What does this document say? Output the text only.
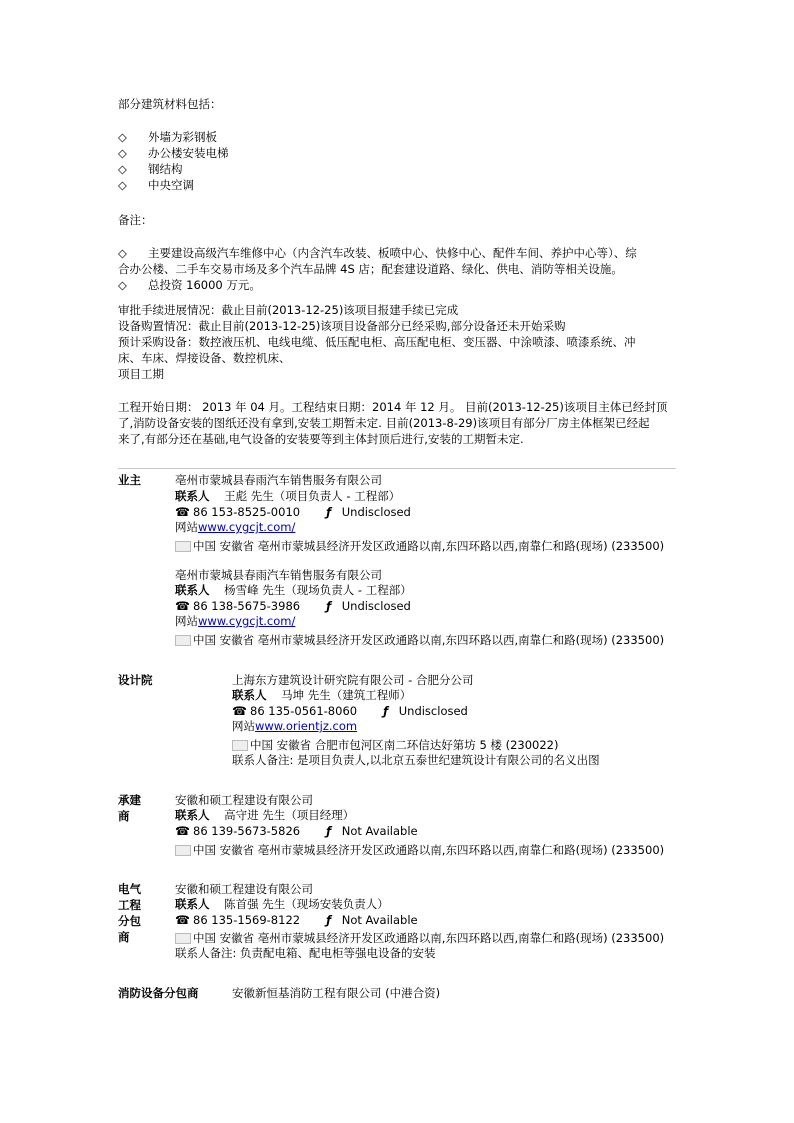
部分建筑材料包括：
◇ 外墙为彩钢板
◇ 办公楼安装电梯
◇ 钢结构
◇ 中央空调
备注：
◇ 主要建设高级汽车维修中心（内含汽车改装、板喷中心、快修中心、配件车间、养护中心等）、综
合办公楼、二手车交易市场及多个汽车品牌 4S 店；配套建设道路、绿化、供电、消防等相关设施。
◇ 总投资 16000 万元。
审批手续进展情况：截止目前(2013-12-25)该项目报建手续已完成
设备购置情况：截止目前(2013-12-25)该项目设备部分已经采购,部分设备还未开始采购
预计采购设备：数控液压机、电线电缆、低压配电柜、高压配电柜、变压器、中涂喷漆、喷漆系统、冲
床、车床、焊接设备、数控机床、
项目工期
工程开始日期： 2013 年 04 月。工程结束日期：2014 年 12 月。 目前(2013-12-25)该项目主体已经封顶
了,消防设备安装的图纸还没有拿到,安装工期暂未定. 目前(2013-8-29)该项目有部分厂房主体框架已经起
来了,有部分还在基础,电气设备的安装要等到主体封顶后进行,安装的工期暂未定.
业主	亳州市蒙城县春雨汽车销售服务有限公司
联系人 王彪 先生（项目负责人 - 工程部）
☎ 86 153-8525-0010 ƒ Undisclosed
网站www.cygcjt.com/
中国 安徽省 亳州市蒙城县经济开发区政通路以南,东四环路以西,南靠仁和路(现场) (233500)
亳州市蒙城县春雨汽车销售服务有限公司
联系人 杨雪峰 先生（现场负责人 - 工程部）
☎ 86 138-5675-3986 ƒ Undisclosed
网站www.cygcjt.com/
中国 安徽省 亳州市蒙城县经济开发区政通路以南,东四环路以西,南靠仁和路(现场) (233500)
设计院	上海东方建筑设计研究院有限公司 - 合肥分公司
联系人 马坤 先生（建筑工程师）
☎ 86 135-0561-8060 ƒ Undisclosed
网站www.orientjz.com
中国 安徽省 合肥市包河区南二环信达好第坊 5 楼 (230022)
联系人备注: 是项目负责人,以北京五泰世纪建筑设计有限公司的名义出图
承建
商
安徽和硕工程建设有限公司
联系人 高守进 先生（项目经理）
☎ 86 139-5673-5826 ƒ Not Available
中国 安徽省 亳州市蒙城县经济开发区政通路以南,东四环路以西,南靠仁和路(现场) (233500)
电气
工程
分包
商
安徽和硕工程建设有限公司
联系人 陈首强 先生（现场安装负责人）
☎ 86 135-1569-8122 ƒ Not Available
中国 安徽省 亳州市蒙城县经济开发区政通路以南,东四环路以西,南靠仁和路(现场) (233500)
联系人备注: 负责配电箱、配电柜等强电设备的安装
消防设备分包商	安徽新恒基消防工程有限公司 (中港合资)
